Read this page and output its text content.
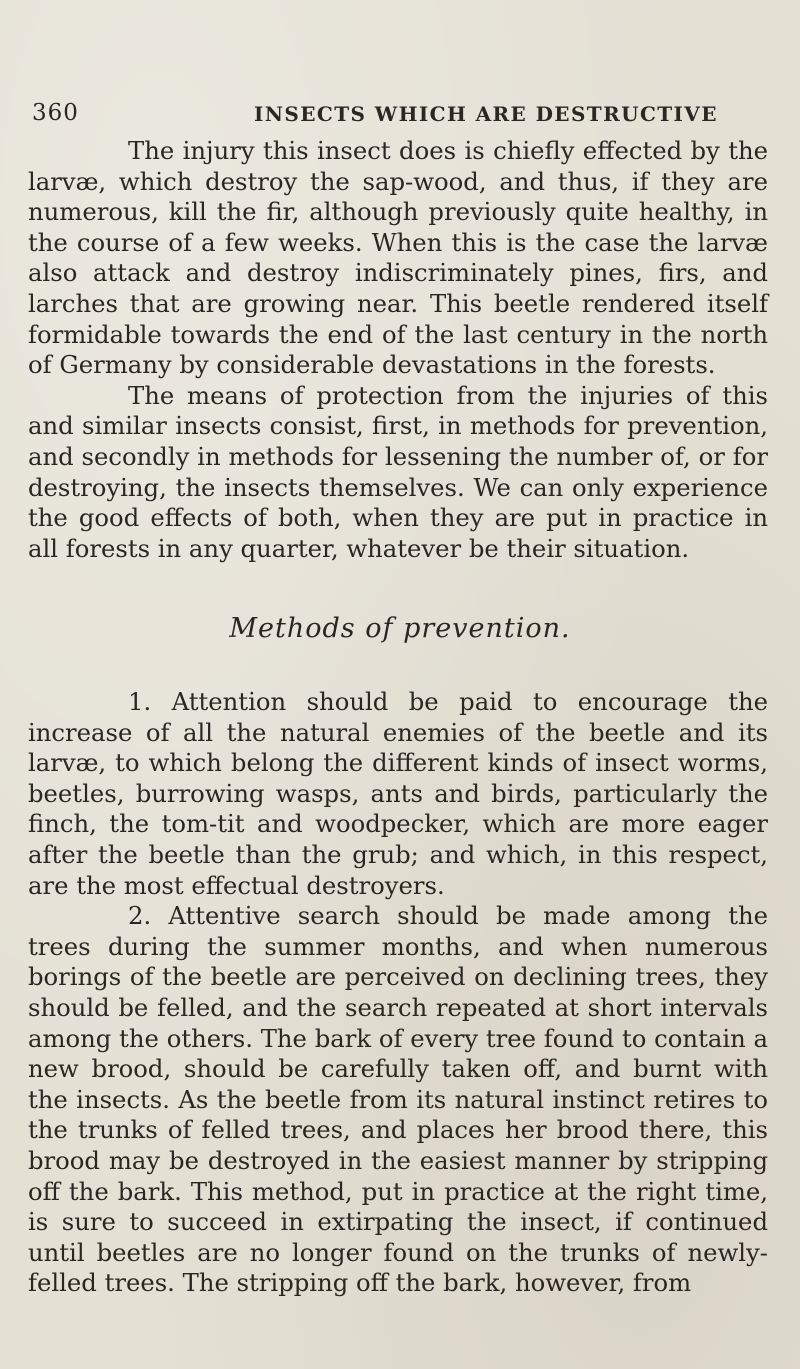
360	INSECTS WHICH ARE DESTRUCTIVE

The injury this insect does is chiefly effected by the larvæ, which destroy the sap-wood, and thus, if they are numerous, kill the fir, although previously quite healthy, in the course of a few weeks. When this is the case the larvæ also attack and destroy indiscriminately pines, firs, and larches that are growing near. This beetle rendered itself formidable towards the end of the last century in the north of Germany by considerable devastations in the forests.

The means of protection from the injuries of this and similar insects consist, first, in methods for prevention, and secondly in methods for lessening the number of, or for destroying, the insects themselves. We can only experience the good effects of both, when they are put in practice in all forests in any quarter, whatever be their situation.

Methods of prevention.

1. Attention should be paid to encourage the increase of all the natural enemies of the beetle and its larvæ, to which belong the different kinds of insect worms, beetles, burrowing wasps, ants and birds, particularly the finch, the tom-tit and woodpecker, which are more eager after the beetle than the grub; and which, in this respect, are the most effectual destroyers.

2. Attentive search should be made among the trees during the summer months, and when numerous borings of the beetle are perceived on declining trees, they should be felled, and the search repeated at short intervals among the others. The bark of every tree found to contain a new brood, should be carefully taken off, and burnt with the insects. As the beetle from its natural instinct retires to the trunks of felled trees, and places her brood there, this brood may be destroyed in the easiest manner by stripping off the bark. This method, put in practice at the right time, is sure to succeed in extirpating the insect, if continued until beetles are no longer found on the trunks of newly-felled trees. The stripping off the bark, however, from
